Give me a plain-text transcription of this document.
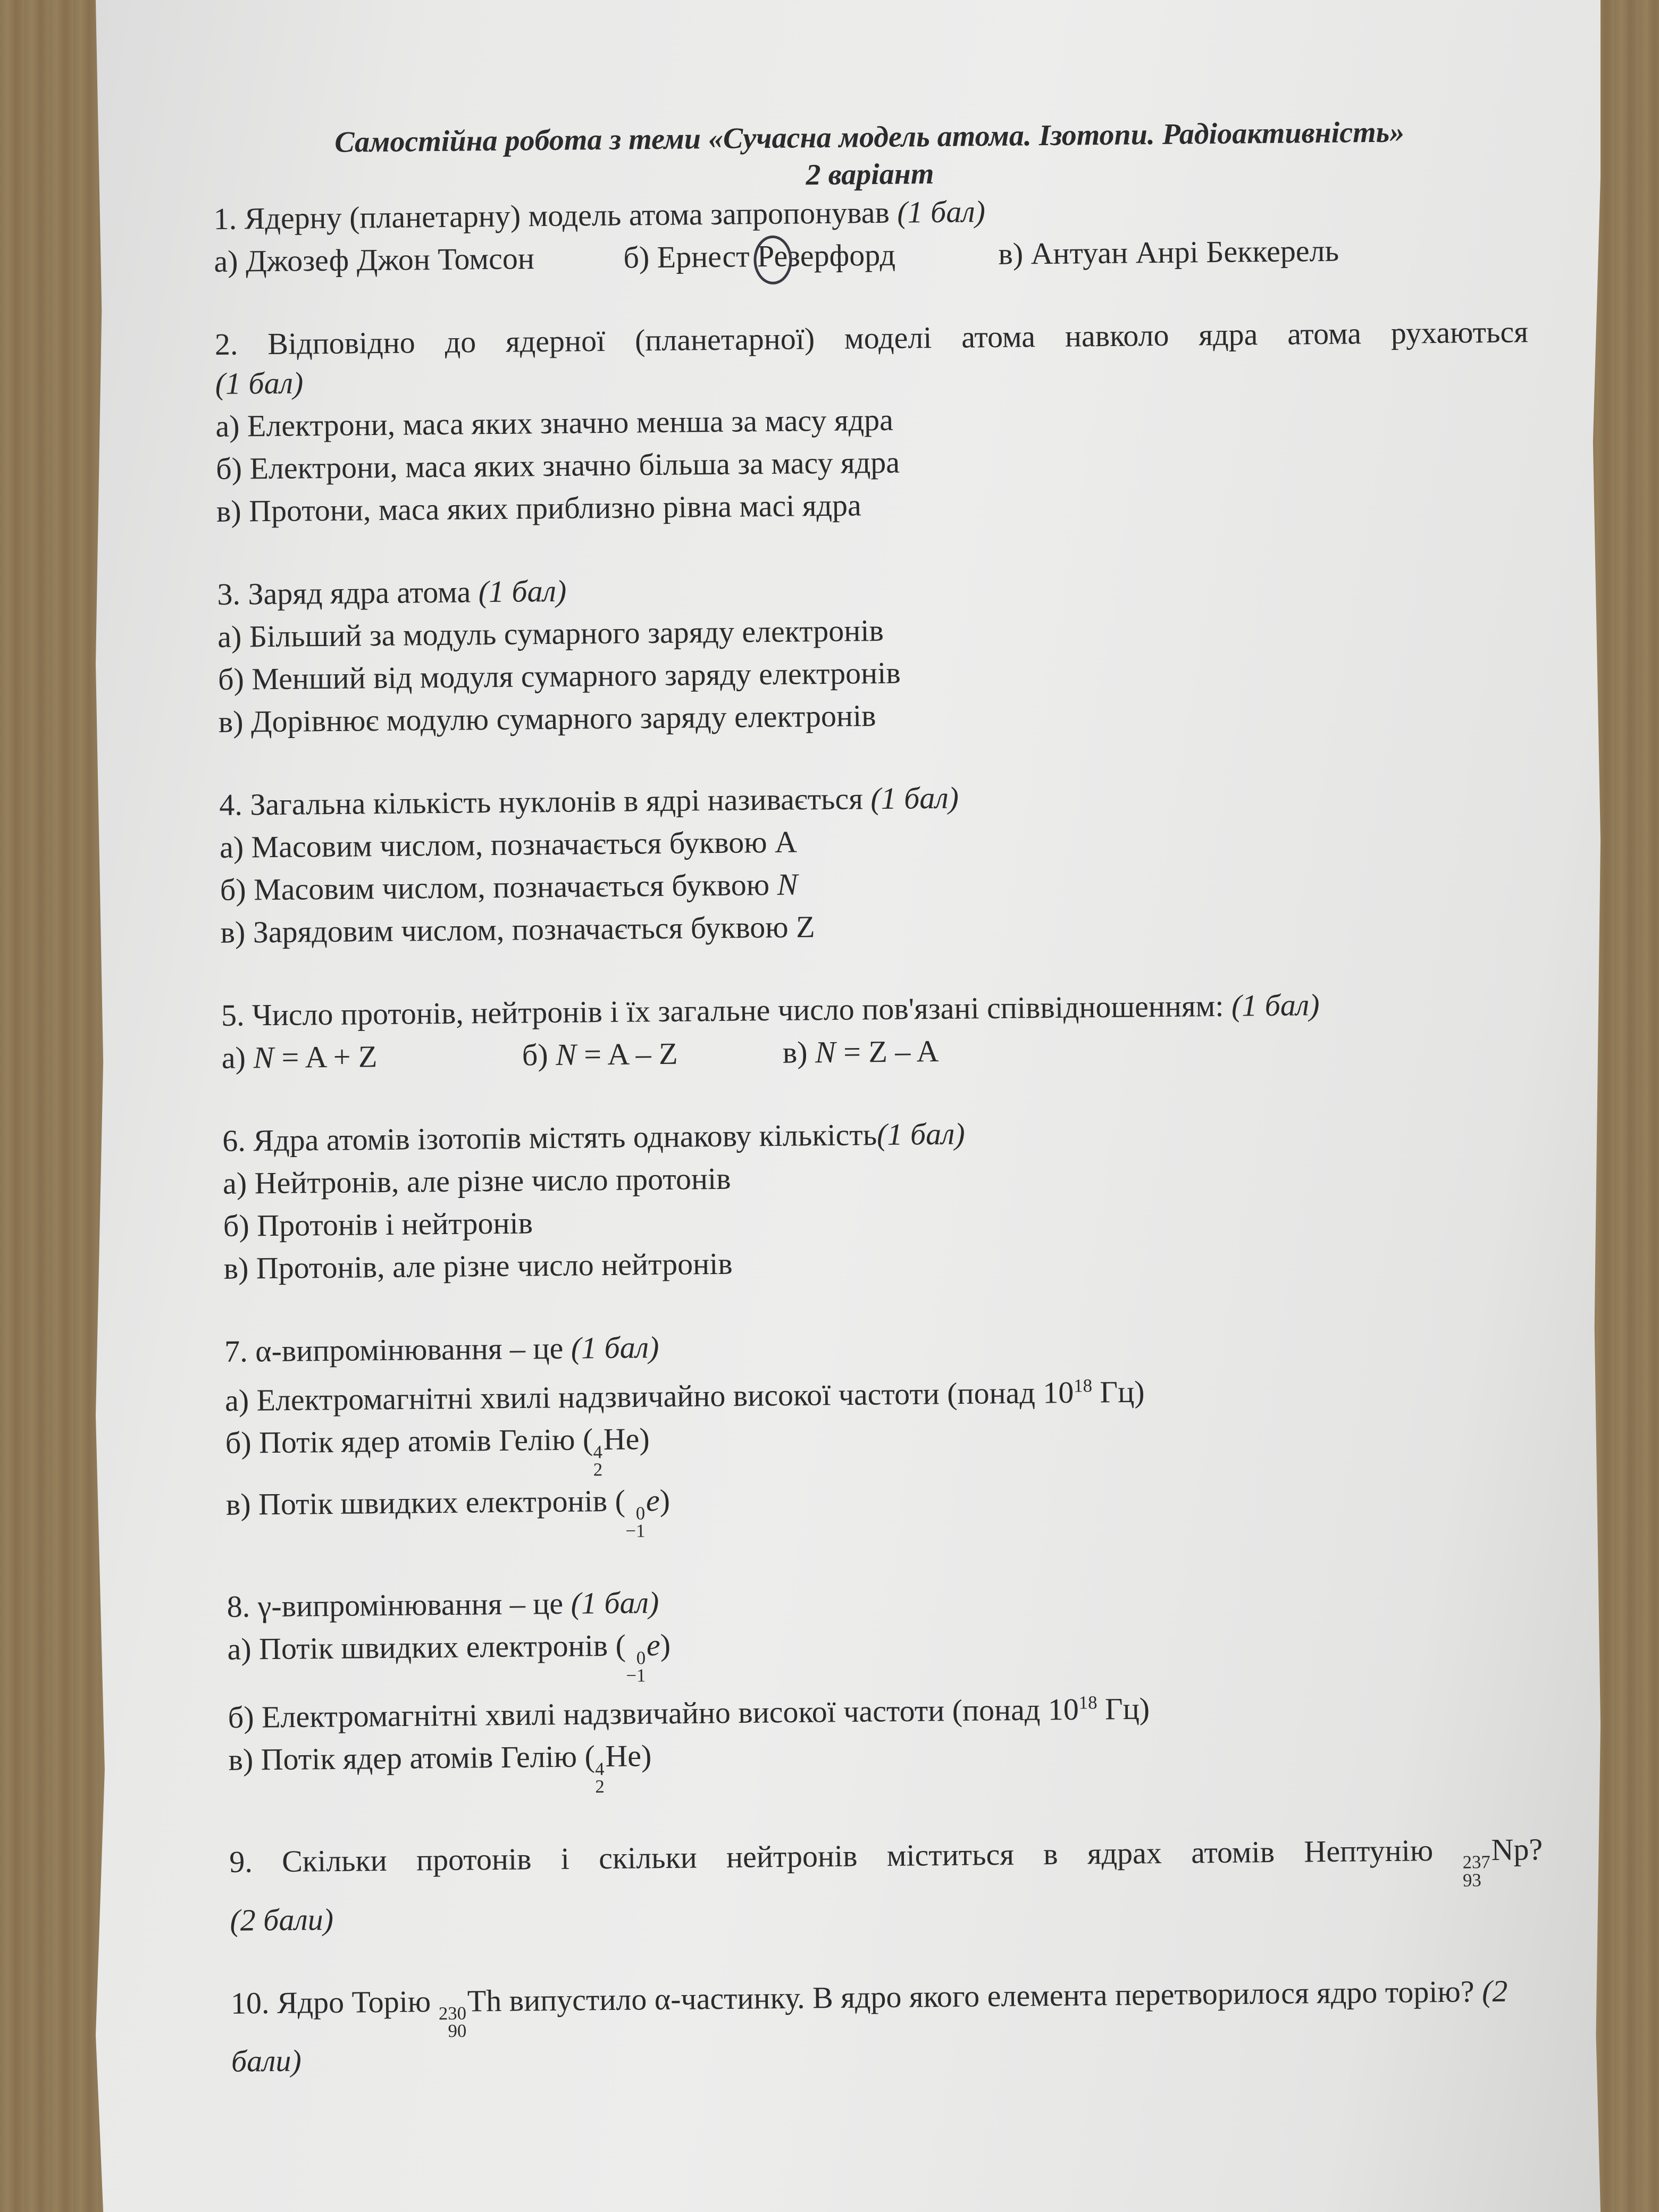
Самостійна робота з теми «Сучасна модель атома. Ізотопи. Радіоактивність»

2 варіант

1. Ядерну (планетарну) модель атома запропонував (1 бал)

а) Джозеф Джон Томсон	б) Ернест Резерфорд	в) Антуан Анрі Беккерель

2. Відповідно до ядерної (планетарної) моделі атома навколо ядра атома рухаються

(1 бал)

а) Електрони, маса яких значно менша за масу ядра

б) Електрони, маса яких значно більша за масу ядра

в) Протони, маса яких приблизно рівна масі ядра

3. Заряд ядра атома (1 бал)

а) Більший за модуль сумарного заряду електронів

б) Менший від модуля сумарного заряду електронів

в) Дорівнює модулю сумарного заряду електронів

4. Загальна кількість нуклонів в ядрі називається (1 бал)

а) Масовим числом, позначається буквою А

б) Масовим числом, позначається буквою N

в) Зарядовим числом, позначається буквою Z

5. Число протонів, нейтронів і їх загальне число пов'язані співвідношенням: (1 бал)

а) N = A + Z	б) N = A – Z	в) N = Z – A

6. Ядра атомів ізотопів містять однакову кількість(1 бал)

а) Нейтронів, але різне число протонів

б) Протонів і нейтронів

в) Протонів, але різне число нейтронів

7. α-випромінювання – це (1 бал)

а) Електромагнітні хвилі надзвичайно високої частоти (понад $10^{18}$ Гц)

б) Потік ядер атомів Гелію ( 4
2
He)

в) Потік швидких електронів ( 0
−1
e)

8. γ-випромінювання – це (1 бал)

а) Потік швидких електронів ( 0
−1
e)

б) Електромагнітні хвилі надзвичайно високої частоти (понад $10^{18}$ Гц)

в) Потік ядер атомів Гелію ( 4
2
He)

9. Скільки протонів і скільки нейтронів міститься в ядрах атомів Нептунію 237
93
Np?

(2 бали)

10. Ядро Торію 230
90
Th випустило α-частинку. В ядро якого елемента перетворилося ядро торію? (2 бали)
